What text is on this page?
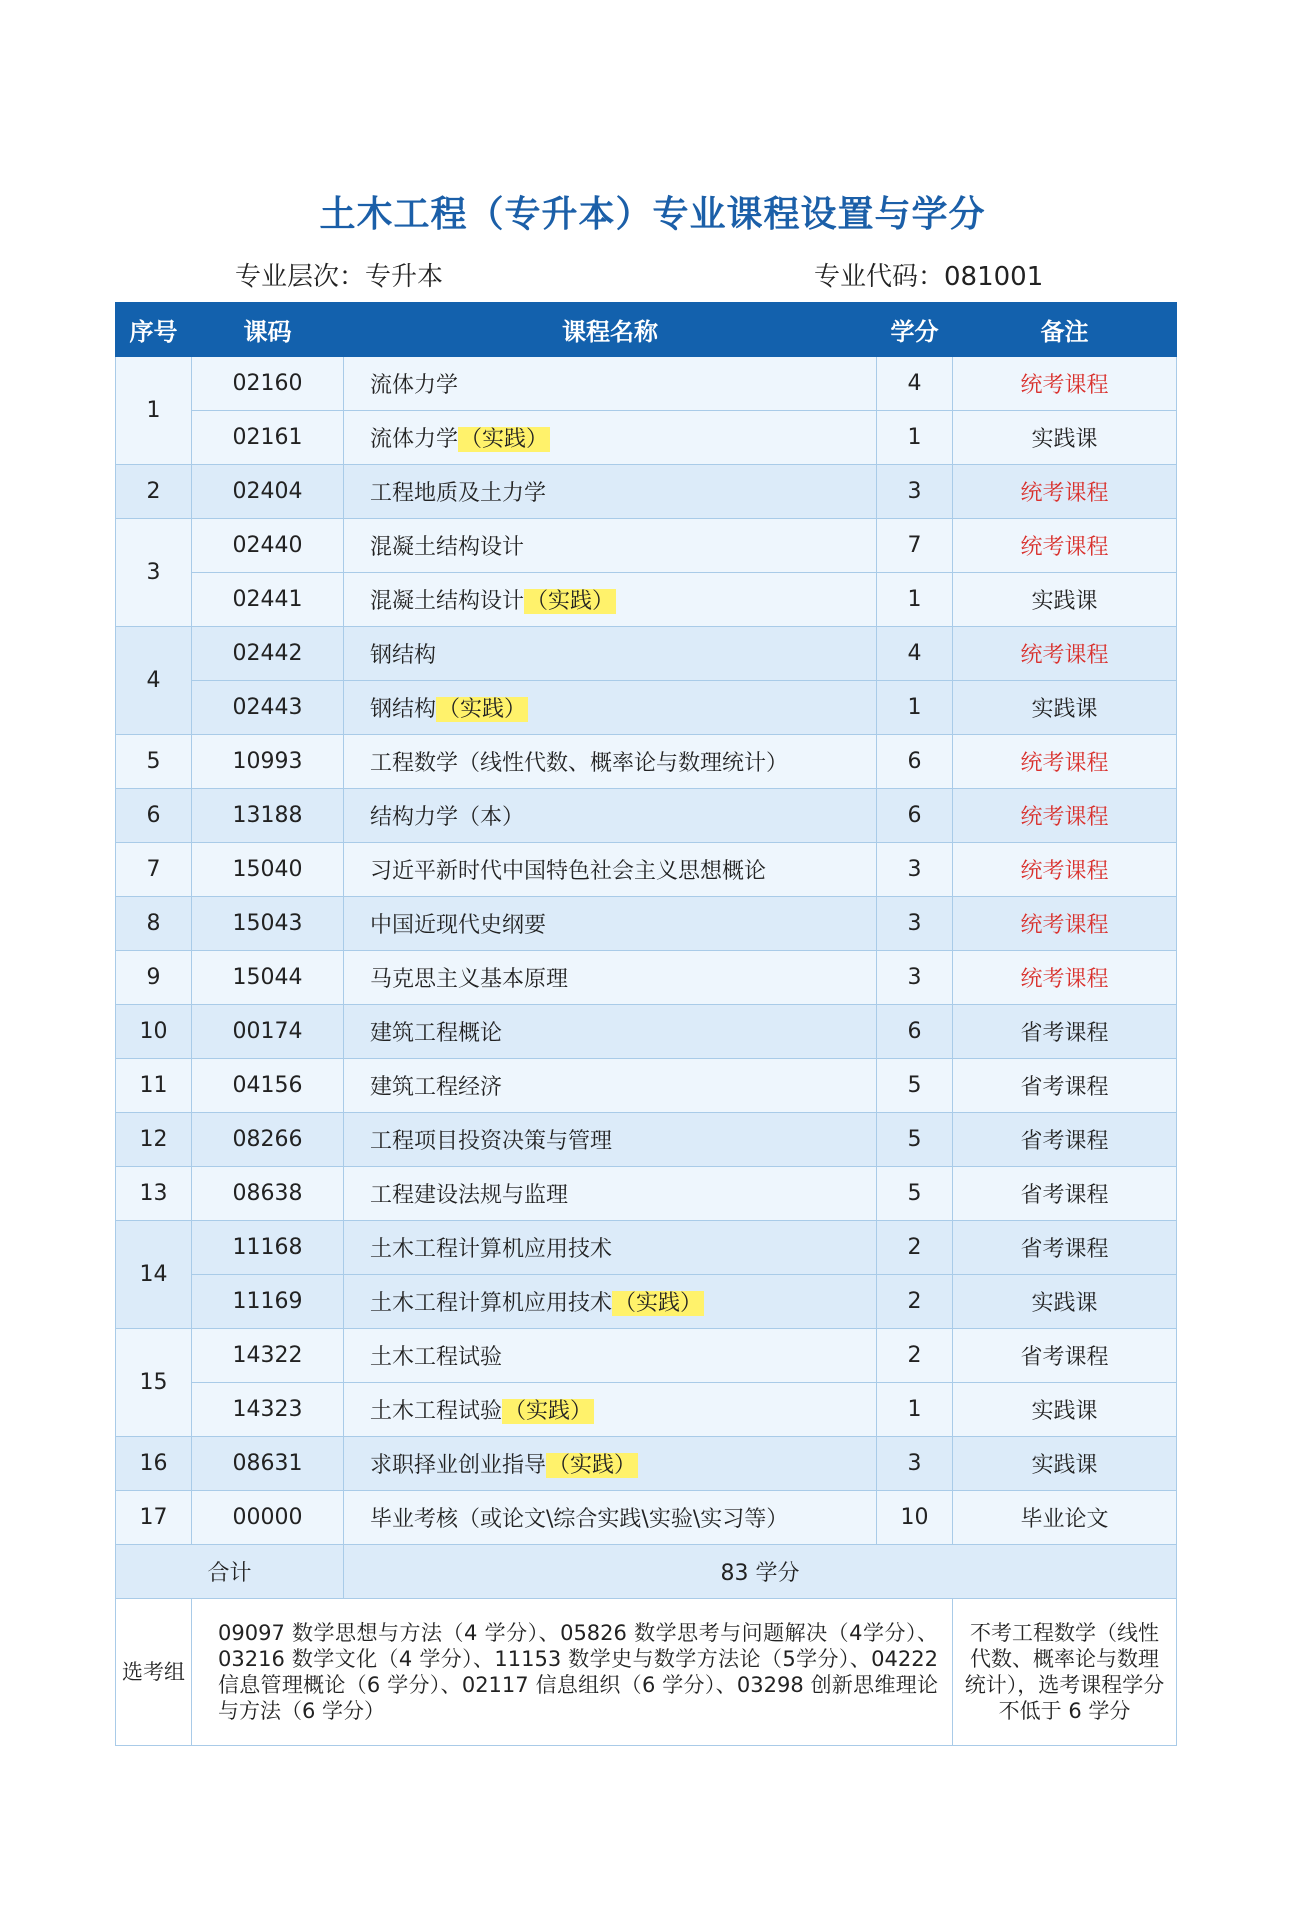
土木工程（专升本）专业课程设置与学分
专业层次：专升本	专业代码：081001
序号	课码	课程名称	学分	备注
1	02160	流体力学	4	统考课程
	02161	流体力学（实践）	1	实践课
2	02404	工程地质及土力学	3	统考课程
3	02440	混凝土结构设计	7	统考课程
	02441	混凝土结构设计（实践）	1	实践课
4	02442	钢结构	4	统考课程
	02443	钢结构（实践）	1	实践课
5	10993	工程数学（线性代数、概率论与数理统计）	6	统考课程
6	13188	结构力学（本）	6	统考课程
7	15040	习近平新时代中国特色社会主义思想概论	3	统考课程
8	15043	中国近现代史纲要	3	统考课程
9	15044	马克思主义基本原理	3	统考课程
10	00174	建筑工程概论	6	省考课程
11	04156	建筑工程经济	5	省考课程
12	08266	工程项目投资决策与管理	5	省考课程
13	08638	工程建设法规与监理	5	省考课程
14	11168	土木工程计算机应用技术	2	省考课程
	11169	土木工程计算机应用技术（实践）	2	实践课
15	14322	土木工程试验	2	省考课程
	14323	土木工程试验（实践）	1	实践课
16	08631	求职择业创业指导（实践）	3	实践课
17	00000	毕业考核（或论文\综合实践\实验\实习等）	10	毕业论文
合计		83 学分		
选考组	09097 数学思想与方法（4 学分）、05826 数学思考与问题解决（4学分）、03216 数学文化（4 学分）、11153 数学史与数学方法论（5学分）、04222 信息管理概论（6 学分）、02117 信息组织（6 学分）、03298 创新思维理论与方法（6 学分）			不考工程数学（线性代数、概率论与数理统计），选考课程学分不低于 6 学分
